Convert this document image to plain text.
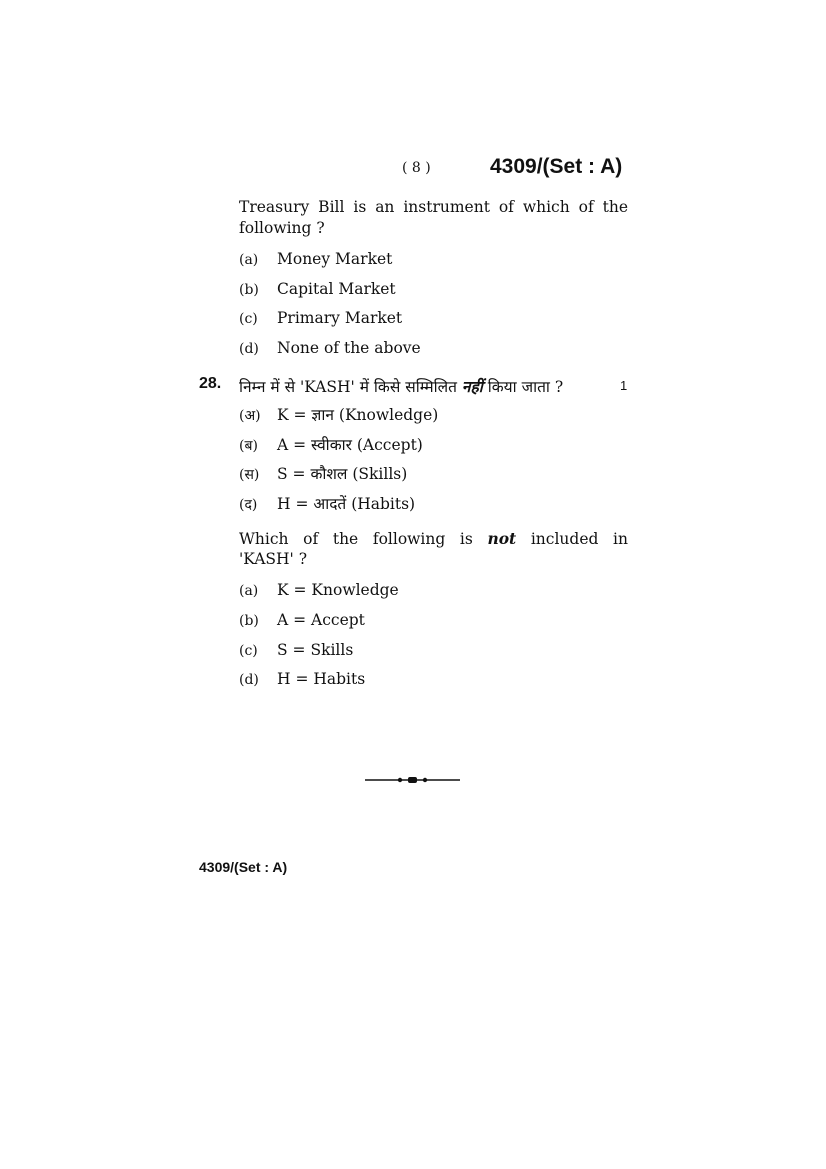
( 8 )	4309/(Set : A)
Treasury Bill is an instrument of which of the
following ?
(a) Money Market
(b) Capital Market
(c) Primary Market
(d) None of the above
28. निम्न में से 'KASH' में किसे सम्मिलित नहीं किया जाता ?	1
(अ) K = ज्ञान (Knowledge)
(ब) A = स्वीकार (Accept)
(स) S = कौशल (Skills)
(द) H = आदतें (Habits)
Which of the following is not included in
'KASH' ?
(a) K = Knowledge
(b) A = Accept
(c) S = Skills
(d) H = Habits
4309/(Set : A)
